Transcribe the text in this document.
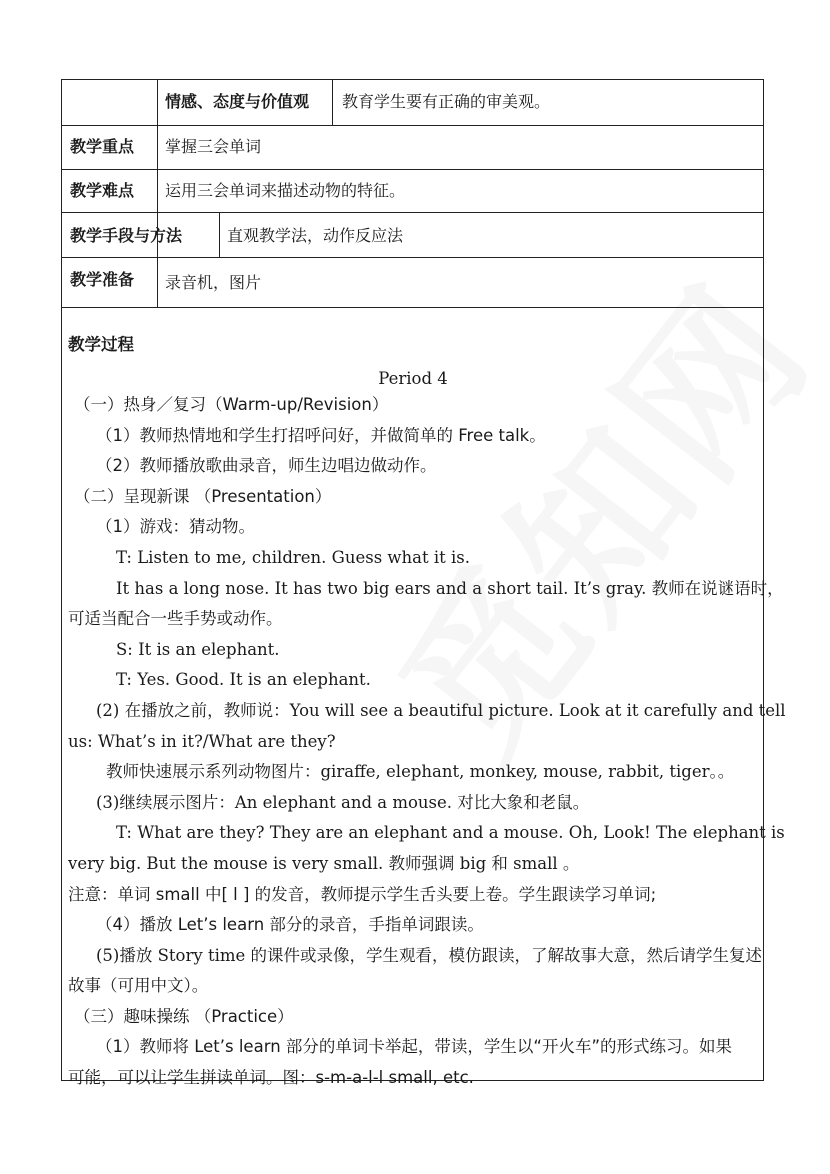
情感、态度与价值观 教育学生要有正确的审美观。
教学重点 掌握三会单词
教学难点 运用三会单词来描述动物的特征。
教学手段与方法	直观教学法，动作反应法
教学准备 录音机，图片

教学过程

Period 4

（一）热身／复习（Warm-up/Revision）

（1）教师热情地和学生打招呼问好，并做简单的 Free talk。

（2）教师播放歌曲录音，师生边唱边做动作。

（二）呈现新课 （Presentation）

（1）游戏：猜动物。

T: Listen to me, children. Guess what it is.

It has a long nose. It has two big ears and a short tail. It’s gray. 教师在说谜语时，

可适当配合一些手势或动作。

S: It is an elephant.

T: Yes. Good. It is an elephant.

(2) 在播放之前，教师说：You will see a beautiful picture. Look at it carefully and tell

us: What’s in it?/What are they?

教师快速展示系列动物图片：giraffe, elephant, monkey, mouse, rabbit, tiger。。

(3)继续展示图片：An elephant and a mouse. 对比大象和老鼠。

T: What are they? They are an elephant and a mouse. Oh, Look! The elephant is

very big. But the mouse is very small. 教师强调 big 和 small 。

注意：单词 small 中[ l ] 的发音，教师提示学生舌头要上卷。学生跟读学习单词;

（4）播放 Let’s learn 部分的录音，手指单词跟读。

(5)播放 Story time 的课件或录像，学生观看，模仿跟读，了解故事大意，然后请学生复述

故事（可用中文）。

（三）趣味操练 （Practice）

（1）教师将 Let’s learn 部分的单词卡举起，带读，学生以“开火车”的形式练习。如果

可能，可以让学生拼读单词。图：s-m-a-l-l small, etc.
